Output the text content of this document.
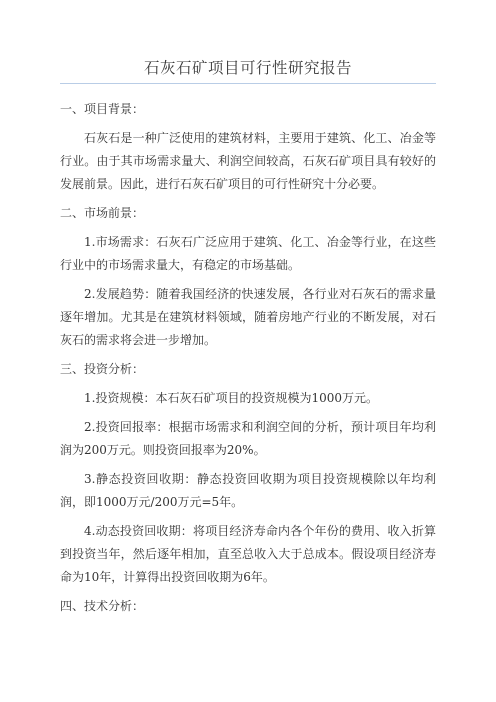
石灰石矿项目可行性研究报告

一、项目背景：

石灰石是一种广泛使用的建筑材料，主要用于建筑、化工、冶金等行业。由于其市场需求量大、利润空间较高，石灰石矿项目具有较好的发展前景。因此，进行石灰石矿项目的可行性研究十分必要。

二、市场前景：

1.市场需求：石灰石广泛应用于建筑、化工、冶金等行业，在这些行业中的市场需求量大，有稳定的市场基础。

2.发展趋势：随着我国经济的快速发展，各行业对石灰石的需求量逐年增加。尤其是在建筑材料领域，随着房地产行业的不断发展，对石灰石的需求将会进一步增加。

三、投资分析：

1.投资规模：本石灰石矿项目的投资规模为1000万元。

2.投资回报率：根据市场需求和利润空间的分析，预计项目年均利润为200万元。则投资回报率为20%。

3.静态投资回收期：静态投资回收期为项目投资规模除以年均利润，即1000万元/200万元=5年。

4.动态投资回收期：将项目经济寿命内各个年份的费用、收入折算到投资当年，然后逐年相加，直至总收入大于总成本。假设项目经济寿命为10年，计算得出投资回收期为6年。

四、技术分析：
